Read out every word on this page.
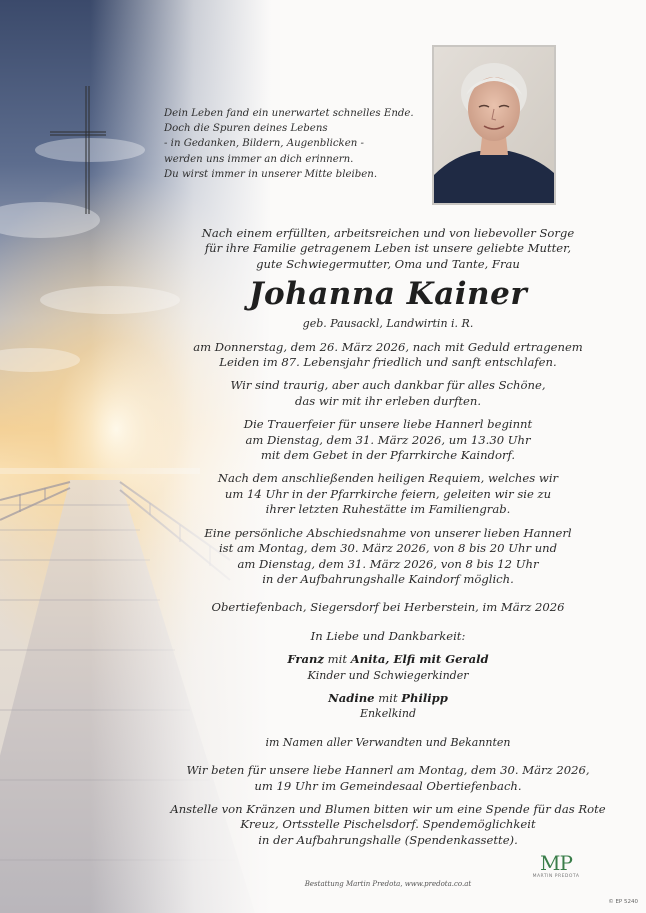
Dein Leben fand ein unerwartet schnelles Ende.
Doch die Spuren deines Lebens
- in Gedanken, Bildern, Augenblicken -
werden uns immer an dich erinnern.
Du wirst immer in unserer Mitte bleiben.

Nach einem erfüllten, arbeitsreichen und von liebevoller Sorge
für ihre Familie getragenem Leben ist unsere geliebte Mutter,
gute Schwiegermutter, Oma und Tante, Frau

Johanna Kainer

geb. Pausackl, Landwirtin i. R.

am Donnerstag, dem 26. März 2026, nach mit Geduld ertragenem
Leiden im 87. Lebensjahr friedlich und sanft entschlafen.

Wir sind traurig, aber auch dankbar für alles Schöne,
das wir mit ihr erleben durften.

Die Trauerfeier für unsere liebe Hannerl beginnt
am Dienstag, dem 31. März 2026, um 13.30 Uhr
mit dem Gebet in der Pfarrkirche Kaindorf.

Nach dem anschließenden heiligen Requiem, welches wir
um 14 Uhr in der Pfarrkirche feiern, geleiten wir sie zu
ihrer letzten Ruhestätte im Familiengrab.

Eine persönliche Abschiedsnahme von unserer lieben Hannerl
ist am Montag, dem 30. März 2026, von 8 bis 20 Uhr und
am Dienstag, dem 31. März 2026, von 8 bis 12 Uhr
in der Aufbahrungshalle Kaindorf möglich.

Obertiefenbach, Siegersdorf bei Herberstein, im März 2026

In Liebe und Dankbarkeit:

Franz mit Anita, Elfi mit Gerald

Kinder und Schwiegerkinder

Nadine mit Philipp

Enkelkind

im Namen aller Verwandten und Bekannten

Wir beten für unsere liebe Hannerl am Montag, dem 30. März 2026,
um 19 Uhr im Gemeindesaal Obertiefenbach.

Anstelle von Kränzen und Blumen bitten wir um eine Spende für das Rote
Kreuz, Ortsstelle Pischelsdorf. Spendemöglichkeit
in der Aufbahrungshalle (Spendenkassette).

Bestattung Martin Predota, www.predota.co.at
MP
MARTIN PREDOTA
© EP 5240
